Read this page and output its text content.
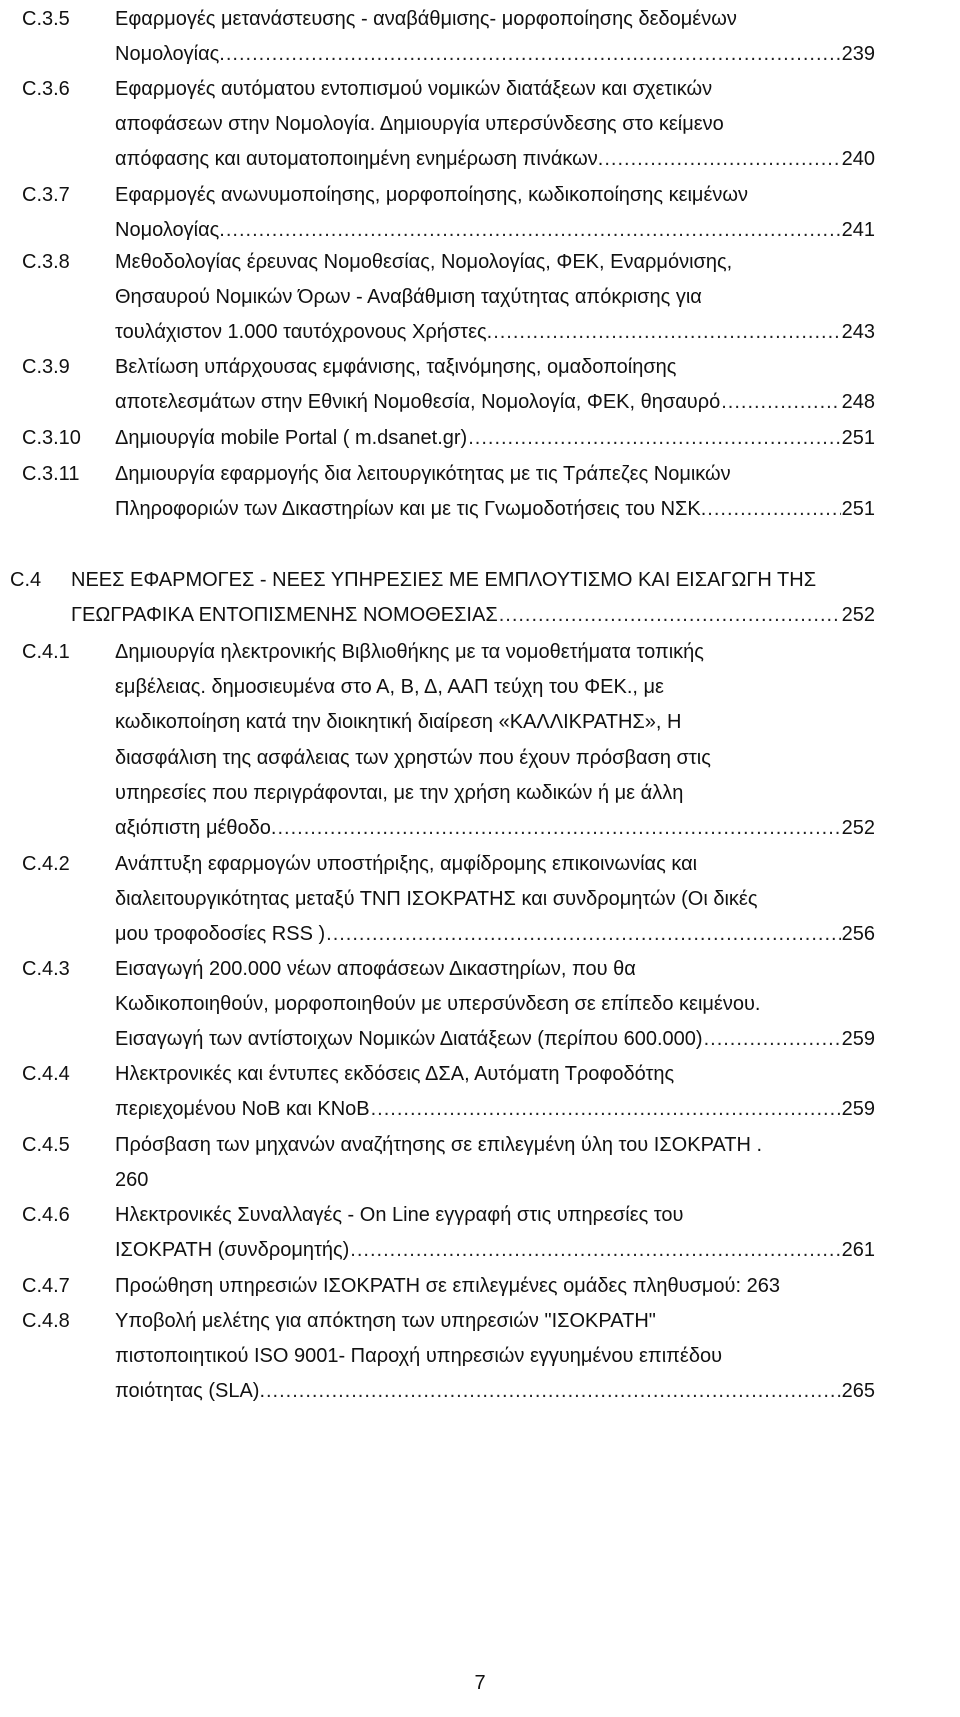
C.3.5 Εφαρμογές μετανάστευσης - αναβάθμισης- μορφοποίησης δεδομένων
Νομολογίας. .....	239
C.3.6 Εφαρμογές αυτόματου εντοπισμού νομικών διατάξεων και σχετικών
αποφάσεων στην Νομολογία. Δημιουργία υπερσύνδεσης στο κείμενο
απόφασης και αυτοματοποιημένη ενημέρωση πινάκων. .....	240
C.3.7 Εφαρμογές ανωνυμοποίησης, μορφοποίησης, κωδικοποίησης κειμένων
Νομολογίας. .....	241
C.3.8 Μεθοδολογίας έρευνας Νομοθεσίας, Νομολογίας, ΦΕΚ, Εναρμόνισης,
Θησαυρού Νομικών Όρων - Αναβάθμιση ταχύτητας απόκρισης για
τουλάχιστον 1.000 ταυτόχρονους Χρήστες. .....	243
C.3.9 Βελτίωση υπάρχουσας εμφάνισης, ταξινόμησης, ομαδοποίησης
αποτελεσμάτων στην Εθνική Νομοθεσία, Νομολογία, ΦΕΚ, θησαυρό .....	248
C.3.10 Δημιουργία mobile Portal ( m.dsanet.gr) .....	251
C.3.11 Δημιουργία εφαρμογής δια λειτουργικότητας με τις Τράπεζες Νομικών
Πληροφοριών των Δικαστηρίων και με τις Γνωμοδοτήσεις του ΝΣΚ. .....	251
C.4 ΝΕΕΣ ΕΦΑΡΜΟΓΕΣ - ΝΕΕΣ ΥΠΗΡΕΣΙΕΣ ΜΕ ΕΜΠΛΟΥΤΙΣΜΟ ΚΑΙ ΕΙΣΑΓΩΓΗ ΤΗΣ
ΓΕΩΓΡΑΦΙΚΑ ΕΝΤΟΠΙΣΜΕΝΗΣ ΝΟΜΟΘΕΣΙΑΣ .....	252
C.4.1 Δημιουργία ηλεκτρονικής Βιβλιοθήκης με τα νομοθετήματα τοπικής
εμβέλειας. δημοσιευμένα στο Α, Β, Δ, ΑΑΠ τεύχη του ΦΕΚ., με
κωδικοποίηση κατά την διοικητική διαίρεση «ΚΑΛΛΙΚΡΑΤΗΣ», Η
διασφάλιση της ασφάλειας των χρηστών που έχουν πρόσβαση στις
υπηρεσίες που περιγράφονται, με την χρήση κωδικών ή με άλλη
αξιόπιστη μέθοδο. .....	252
C.4.2 Ανάπτυξη εφαρμογών υποστήριξης, αμφίδρομης επικοινωνίας και
διαλειτουργικότητας μεταξύ ΤΝΠ ΙΣΟΚΡΑΤΗΣ και συνδρομητών (Οι δικές
μου τροφοδοσίες RSS ) .....	256
C.4.3 Εισαγωγή 200.000 νέων αποφάσεων Δικαστηρίων, που θα
Κωδικοποιηθούν, μορφοποιηθούν με υπερσύνδεση σε επίπεδο κειμένου.
Εισαγωγή των αντίστοιχων Νομικών Διατάξεων (περίπου 600.000) .....	259
C.4.4 Ηλεκτρονικές και έντυπες εκδόσεις ΔΣΑ, Αυτόματη Τροφοδότης
περιεχομένου NoB και KNoB .....	259
C.4.5 Πρόσβαση των μηχανών αναζήτησης σε επιλεγμένη ύλη του ΙΣΟΚΡΑΤΗ .
260
C.4.6 Ηλεκτρονικές Συναλλαγές - On Line εγγραφή στις υπηρεσίες του
ΙΣΟΚΡΑΤΗ (συνδρομητής) .....	261
C.4.7 Προώθηση υπηρεσιών ΙΣΟΚΡΑΤΗ σε επιλεγμένες ομάδες πληθυσμού: 263
C.4.8 Υποβολή μελέτης για απόκτηση των υπηρεσιών "ΙΣΟΚΡΑΤΗ"
πιστοποιητικού ISO 9001- Παροχή υπηρεσιών εγγυημένου επιπέδου
ποιότητας (SLA). .....	265
7
